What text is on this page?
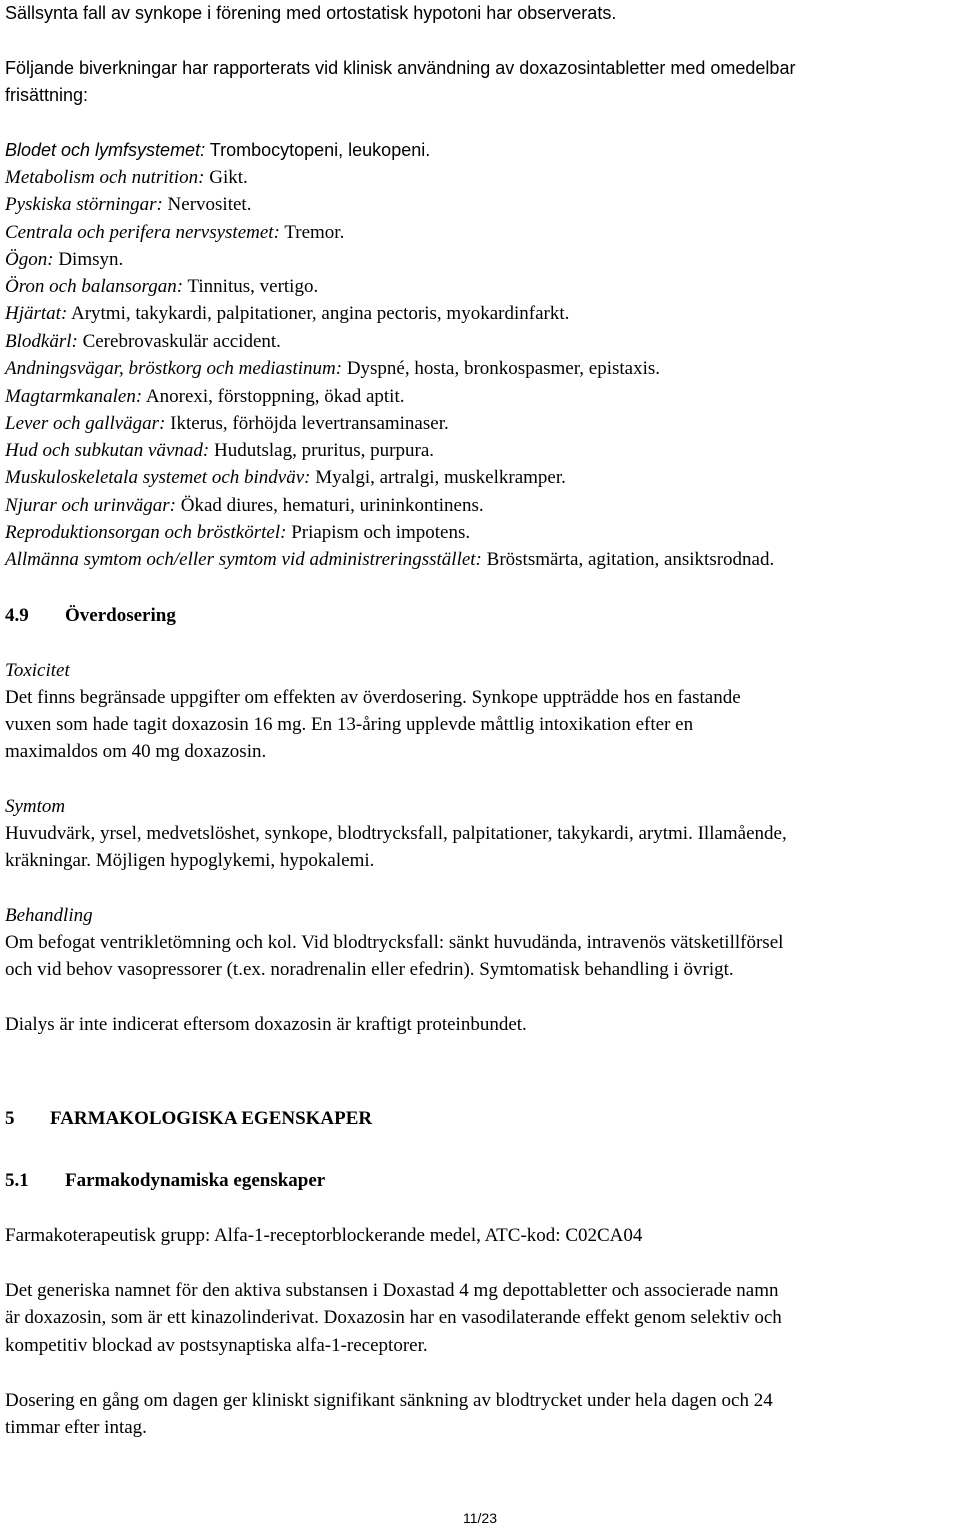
Sällsynta fall av synkope i förening med ortostatisk hypotoni har observerats.
Följande biverkningar har rapporterats vid klinisk användning av doxazosintabletter med omedelbar
frisättning:
Blodet och lymfsystemet: Trombocytopeni, leukopeni.
Metabolism och nutrition: Gikt.
Pyskiska störningar: Nervositet.
Centrala och perifera nervsystemet: Tremor.
Ögon: Dimsyn.
Öron och balansorgan: Tinnitus, vertigo.
Hjärtat: Arytmi, takykardi, palpitationer, angina pectoris, myokardinfarkt.
Blodkärl: Cerebrovaskulär accident.
Andningsvägar, bröstkorg och mediastinum: Dyspné, hosta, bronkospasmer, epistaxis.
Magtarmkanalen: Anorexi, förstoppning, ökad aptit.
Lever och gallvägar: Ikterus, förhöjda levertransaminaser.
Hud och subkutan vävnad: Hudutslag, pruritus, purpura.
Muskuloskeletala systemet och bindväv: Myalgi, artralgi, muskelkramper.
Njurar och urinvägar: Ökad diures, hematuri, urininkontinens.
Reproduktionsorgan och bröstkörtel: Priapism och impotens.
Allmänna symtom och/eller symtom vid administreringsstället: Bröstsmärta, agitation, ansiktsrodnad.
4.9 Överdosering
Toxicitet
Det finns begränsade uppgifter om effekten av överdosering. Synkope uppträdde hos en fastande
vuxen som hade tagit doxazosin 16 mg. En 13-åring upplevde måttlig intoxikation efter en
maximaldos om 40 mg doxazosin.
Symtom
Huvudvärk, yrsel, medvetslöshet, synkope, blodtrycksfall, palpitationer, takykardi, arytmi. Illamående,
kräkningar. Möjligen hypoglykemi, hypokalemi.
Behandling
Om befogat ventrikletömning och kol. Vid blodtrycksfall: sänkt huvudända, intravenös vätsketillförsel
och vid behov vasopressorer (t.ex. noradrenalin eller efedrin). Symtomatisk behandling i övrigt.
Dialys är inte indicerat eftersom doxazosin är kraftigt proteinbundet.
5 FARMAKOLOGISKA EGENSKAPER
5.1 Farmakodynamiska egenskaper
Farmakoterapeutisk grupp: Alfa-1-receptorblockerande medel, ATC-kod: C02CA04
Det generiska namnet för den aktiva substansen i Doxastad 4 mg depottabletter och associerade namn
är doxazosin, som är ett kinazolinderivat. Doxazosin har en vasodilaterande effekt genom selektiv och
kompetitiv blockad av postsynaptiska alfa-1-receptorer.
Dosering en gång om dagen ger kliniskt signifikant sänkning av blodtrycket under hela dagen och 24
timmar efter intag.
11/23
